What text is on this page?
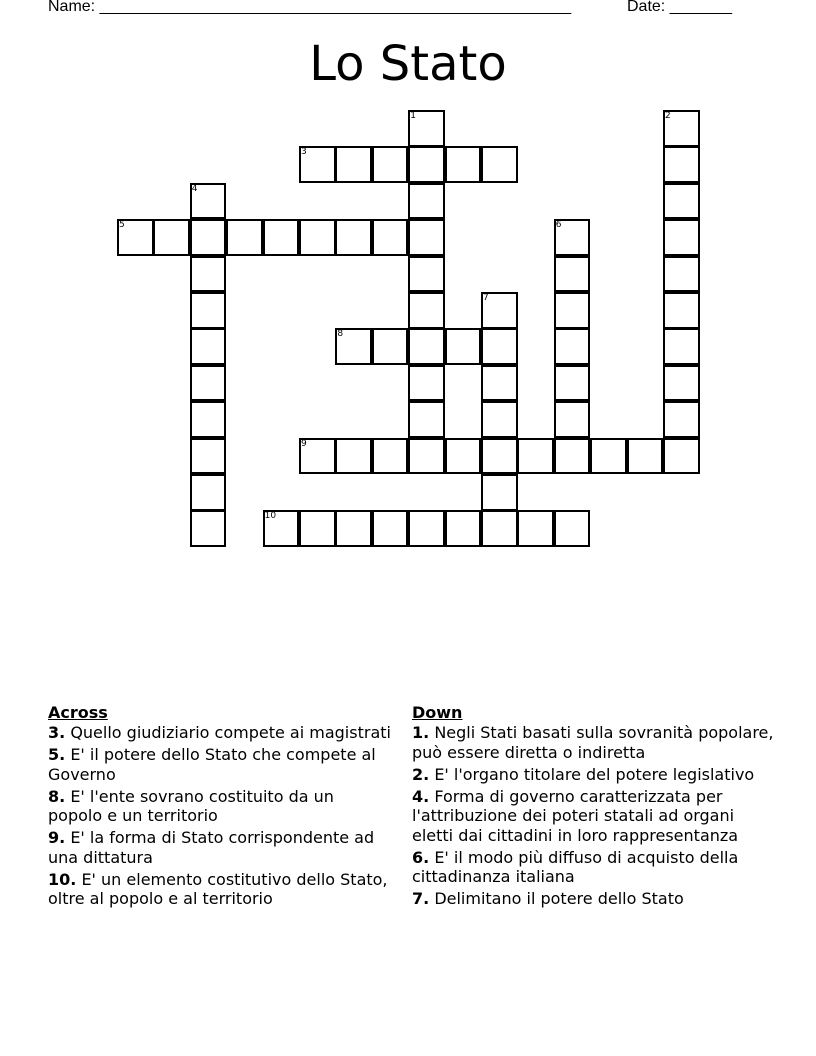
Name: _____________________________________________________	Date: _______
Lo Stato
1	2
3
4
5	6
7
8
9
10
Across
3. Quello giudiziario compete ai magistrati
5. E' il potere dello Stato che compete al Governo
8. E' l'ente sovrano costituito da un popolo e un territorio
9. E' la forma di Stato corrispondente ad una dittatura
10. E' un elemento costitutivo dello Stato, oltre al popolo e al territorio
Down
1. Negli Stati basati sulla sovranità popolare, può essere diretta o indiretta
2. E' l'organo titolare del potere legislativo
4. Forma di governo caratterizzata per l'attribuzione dei poteri statali ad organi eletti dai cittadini in loro rappresentanza
6. E' il modo più diffuso di acquisto della cittadinanza italiana
7. Delimitano il potere dello Stato
